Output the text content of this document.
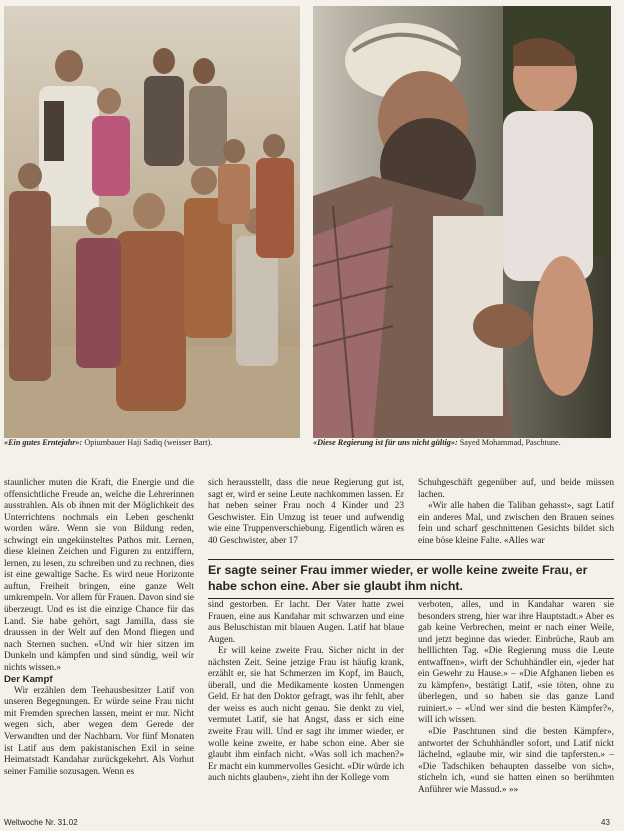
«Ein gutes Erntejahr»: Opiumbauer Haji Sadiq (weisser Bart).	«Diese Regierung ist für uns nicht gültig»: Sayed Mohammad, Paschtune.

staunlicher muten die Kraft, die Energie und die offensichtliche Freude an, welche die Lehrerinnen ausstrahlen. Als ob ihnen mit der Möglichkeit des Unterrichtens nochmals ein Leben geschenkt worden wäre. Wenn sie von Bildung reden, schwingt ein ungekünsteltes Pathos mit. Lernen, diese kleinen Zeichen und Figuren zu entziffern, lernen, zu lesen, zu schreiben und zu rechnen, dies ist eine gewaltige Sache. Es wird neue Horizonte auftun, Freiheit bringen, eine ganze Welt umkrempeln. Vor allem für Frauen. Davon sind sie überzeugt. Und es ist die einzige Chance für das Land. Sie habe gehört, sagt Jamilla, dass sie draussen in der Welt auf den Mond fliegen und nach Sternen suchen. «Und wir hier sitzen im Dunkeln und kämpfen und sind sündig, weil wir nichts wissen.»

Der Kampf

Wir erzählen dem Teehausbesitzer Latif von unseren Begegnungen. Er würde seine Frau nicht mit Fremden sprechen lassen, meint er nur. Nicht wegen sich, aber wegen dem Gerede der Verwandten und der Nachbarn. Vor fünf Monaten ist Latif aus dem pakistanischen Exil in seine Heimatstadt Kandahar zurückgekehrt. Als Vorhut seiner Familie sozusagen. Wenn es

sich herausstellt, dass die neue Regierung gut ist, sagt er, wird er seine Leute nachkommen lassen. Er hat neben seiner Frau noch 4 Kinder und 23 Geschwister. Ein Umzug ist teuer und aufwendig wie eine Truppenverschiebung. Eigentlich wären es 40 Geschwister, aber 17

Schuhgeschäft gegenüber auf, und beide müssen lachen.

«Wir alle haben die Taliban gehasst», sagt Latif ein anderes Mal, und zwischen den Brauen seines fein und scharf geschnittenen Gesichts bildet sich eine böse kleine Falte. «Alles war

Er sagte seiner Frau immer wieder, er wolle keine zweite Frau, er habe schon eine. Aber sie glaubt ihm nicht.

sind gestorben. Er lacht. Der Vater hatte zwei Frauen, eine aus Kandahar mit schwarzen und eine aus Beluschistan mit blauen Augen. Latif hat blaue Augen.

Er will keine zweite Frau. Sicher nicht in der nächsten Zeit. Seine jetzige Frau ist häufig krank, erzählt er, sie hat Schmerzen im Kopf, im Bauch, überall, und die Medikamente kosten Unmengen Geld. Er hat den Doktor gefragt, was ihr fehlt, aber der weiss es auch nicht genau. Sie denkt zu viel, vermutet Latif, sie hat Angst, dass er sich eine zweite Frau will. Und er sagt ihr immer wieder, er wolle keine zweite, er habe schon eine. Aber sie glaubt ihm einfach nicht. «Was soll ich machen?» Er macht ein kummervolles Gesicht. «Dir würde ich auch nichts glauben», zieht ihn der Kollege vom

verboten, alles, und in Kandahar waren sie besonders streng, hier war ihre Hauptstadt.» Aber es gab keine Verbrechen, meint er nach einer Weile, und jetzt beginne das wieder. Einbrüche, Raub am helllichten Tag. «Die Regierung muss die Leute entwaffnen», wirft der Schuhhändler ein, «jeder hat ein Gewehr zu Hause.» – «Die Afghanen lieben es zu kämpfen», bestätigt Latif, «sie töten, ohne zu überlegen, und so haben sie das ganze Land ruiniert.» – «Und wer sind die besten Kämpfer?», will ich wissen.

«Die Paschtunen sind die besten Kämpfer», antwortet der Schuhhändler sofort, und Latif nickt lächelnd, «glaube mir, wir sind die tapfersten.» – «Die Tadschiken behaupten dasselbe von sich», sticheln ich, «und sie hatten einen so berühmten Anführer wie Massud.» »»

Weltwoche Nr. 31.02	43
